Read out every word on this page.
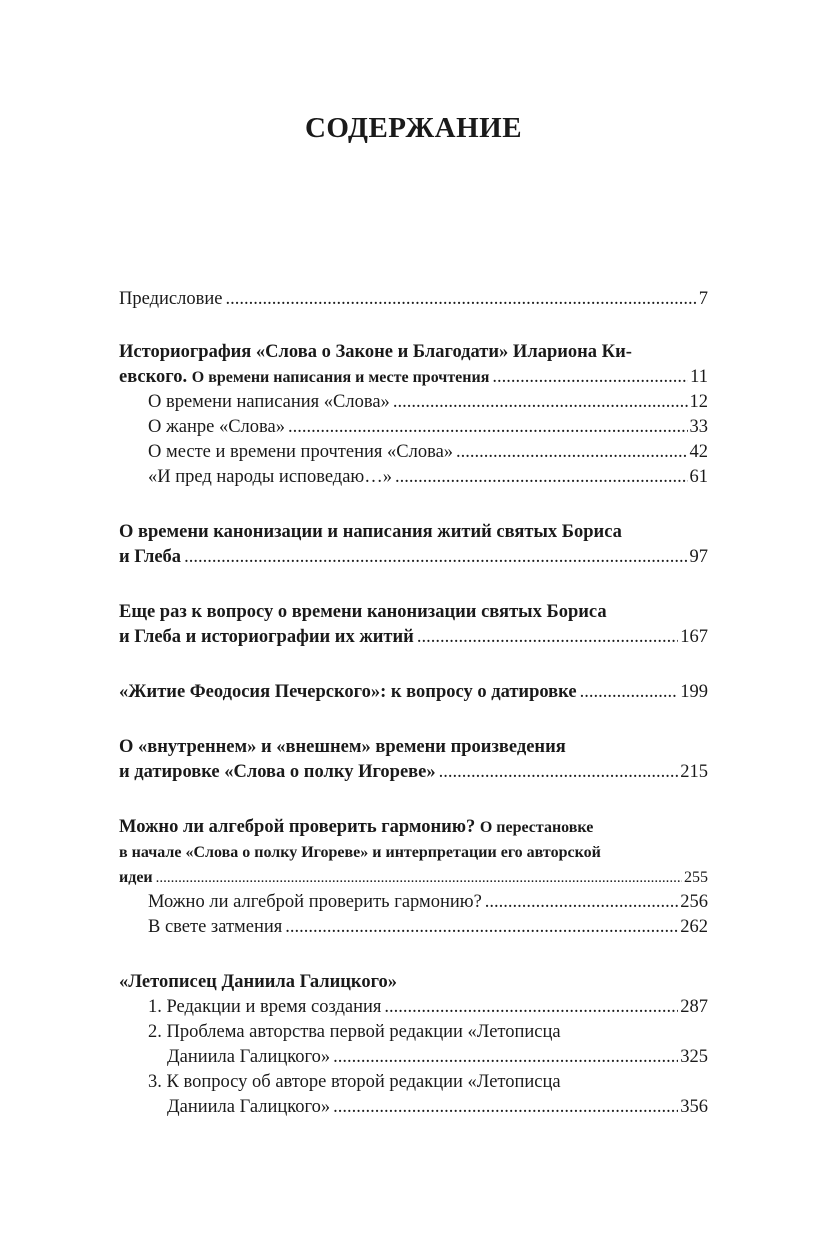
СОДЕРЖАНИЕ
Предисловие .....	7
Историография «Слова о Законе и Благодати» Илариона Ки-
евского. О времени написания и месте прочтения .....	11
О времени написания «Слова» .....	12
О жанре «Слова» .....	33
О месте и времени прочтения «Слова» .....	42
«И пред народы исповедаю…» .....	61
О времени канонизации и написания житий святых Бориса
и Глеба .....	97
Еще раз к вопросу о времени канонизации святых Бориса
и Глеба и историографии их житий .....	167
«Житие Феодосия Печерского»: к вопросу о датировке .....	199
О «внутреннем» и «внешнем» времени произведения
и датировке «Слова о полку Игореве» .....	215
Можно ли алгеброй проверить гармонию? О перестановке
в начале «Слова о полку Игореве» и интерпретации его авторской
идеи .....	255
Можно ли алгеброй проверить гармонию? .....	256
В свете затмения .....	262
«Летописец Даниила Галицкого»
1. Редакции и время создания .....	287
2. Проблема авторства первой редакции «Летописца
Даниила Галицкого» .....	325
3. К вопросу об авторе второй редакции «Летописца
Даниила Галицкого» .....	356
